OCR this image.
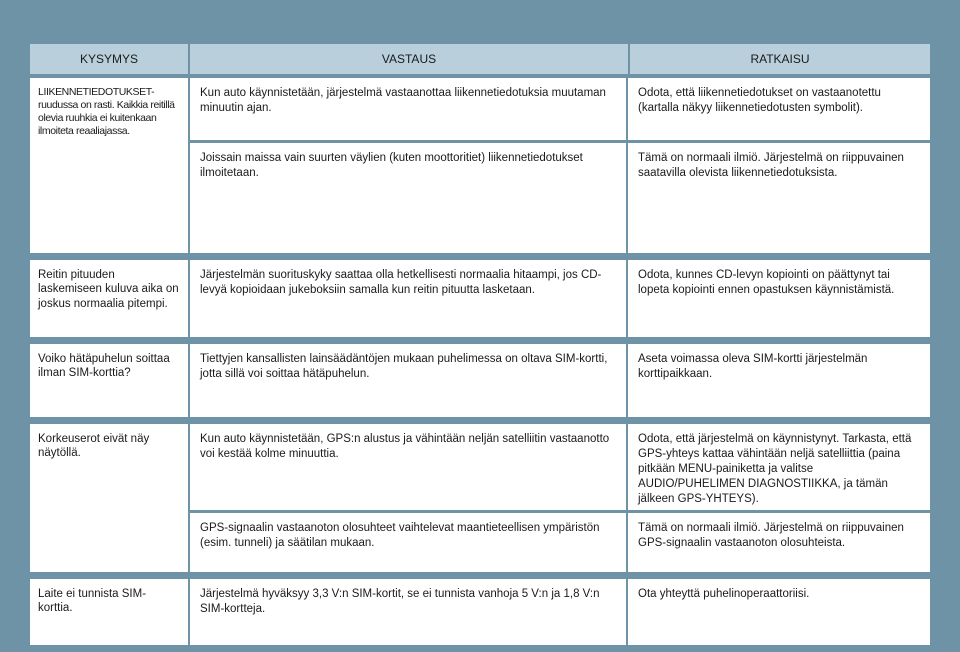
KYSYMYS	VASTAUS	RATKAISU
LIIKENNETIEDOTUKSET-ruudussa on rasti. Kaikkia reitillä olevia ruuhkia ei kuitenkaan ilmoiteta reaaliajassa.
Kun auto käynnistetään, järjestelmä vastaanottaa liikennetiedotuksia muutaman minuutin ajan.
Odota, että liikennetiedotukset on vastaanotettu (kartalla näkyy liikennetiedotusten symbolit).
Joissain maissa vain suurten väylien (kuten moottoritiet) liikennetiedotukset ilmoitetaan.
Tämä on normaali ilmiö. Järjestelmä on riippuvainen saatavilla olevista liikennetiedotuksista.
Reitin pituuden laskemiseen kuluva aika on joskus normaalia pitempi.
Järjestelmän suorituskyky saattaa olla hetkellisesti normaalia hitaampi, jos CD-levyä kopioidaan jukeboksiin samalla kun reitin pituutta lasketaan.
Odota, kunnes CD-levyn kopiointi on päättynyt tai lopeta kopiointi ennen opastuksen käynnistämistä.
Voiko hätäpuhelun soittaa ilman SIM-korttia?
Tiettyjen kansallisten lainsäädäntöjen mukaan puhelimessa on oltava SIM-kortti, jotta sillä voi soittaa hätäpuhelun.
Aseta voimassa oleva SIM-kortti järjestelmän korttipaikkaan.
Korkeuserot eivät näy näytöllä.
Kun auto käynnistetään, GPS:n alustus ja vähintään neljän satelliitin vastaanotto voi kestää kolme minuuttia.
Odota, että järjestelmä on käynnistynyt. Tarkasta, että GPS-yhteys kattaa vähintään neljä satelliittia (paina pitkään MENU-painiketta ja valitse AUDIO/PUHELIMEN DIAGNOSTIIKKA, ja tämän jälkeen GPS-YHTEYS).
GPS-signaalin vastaanoton olosuhteet vaihtelevat maantieteellisen ympäristön (esim. tunneli) ja säätilan mukaan.
Tämä on normaali ilmiö. Järjestelmä on riippuvainen GPS-signaalin vastaanoton olosuhteista.
Laite ei tunnista SIM-korttia.
Järjestelmä hyväksyy 3,3 V:n SIM-kortit, se ei tunnista vanhoja 5 V:n ja 1,8 V:n SIM-kortteja.
Ota yhteyttä puhelinoperaattoriisi.
225
